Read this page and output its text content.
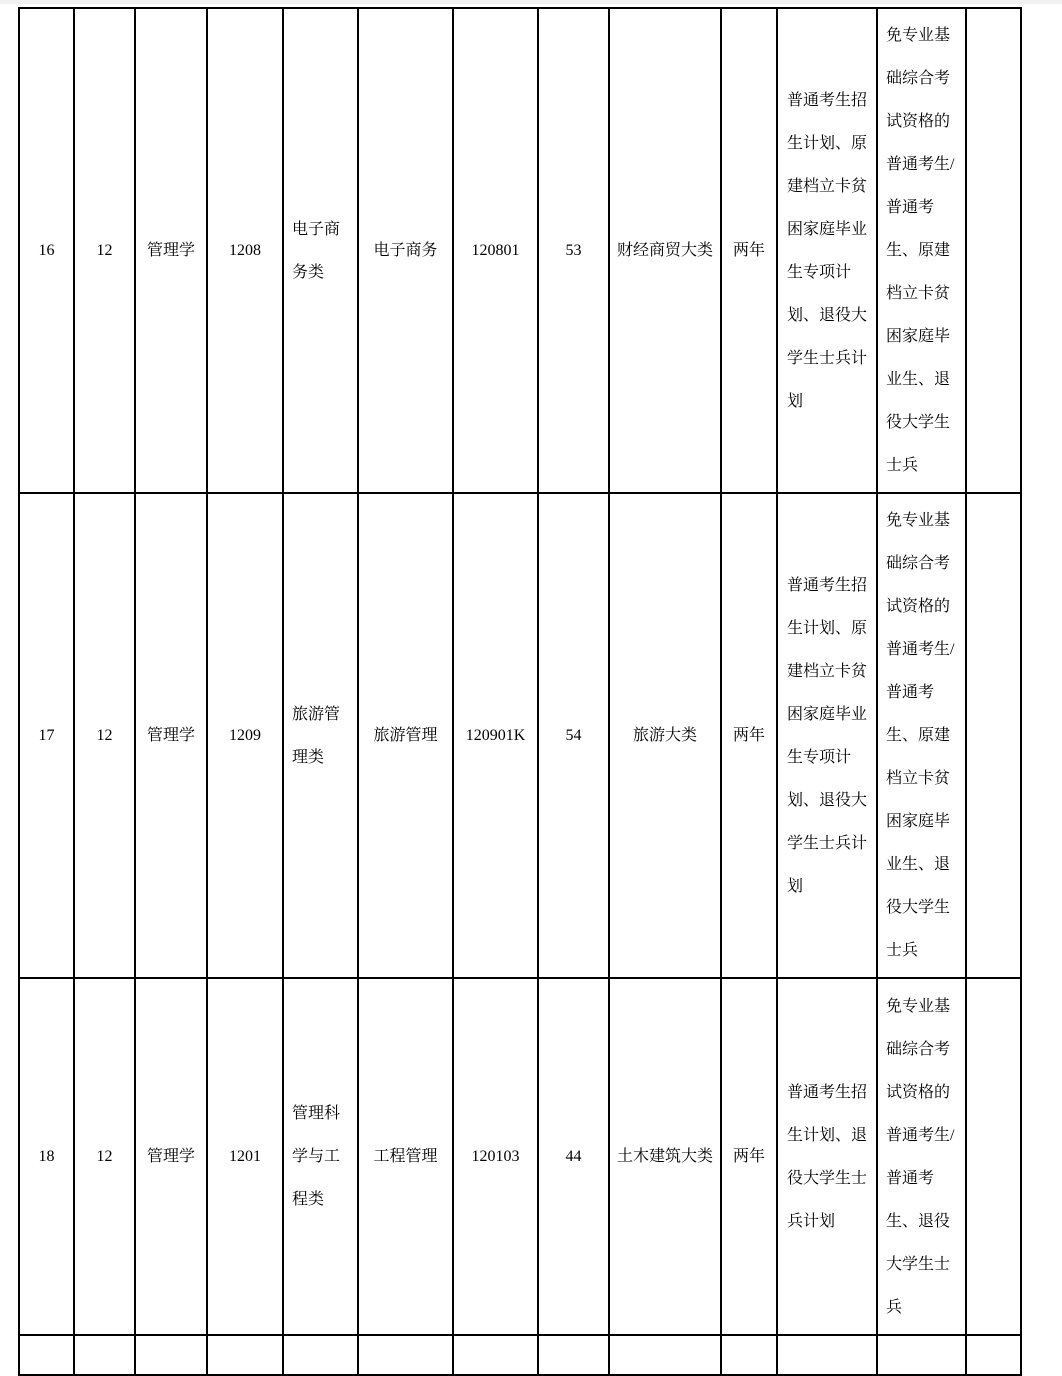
16	12	管理学	1208	电子商务类	电子商务	120801	53	财经商贸大类	两年	普通考生招生计划、原建档立卡贫困家庭毕业生专项计划、退役大学生士兵计划	免专业基础综合考试资格的普通考生/普通考生、原建档立卡贫困家庭毕业生、退役大学生士兵	
17	12	管理学	1209	旅游管理类	旅游管理	120901K	54	旅游大类	两年	普通考生招生计划、原建档立卡贫困家庭毕业生专项计划、退役大学生士兵计划	免专业基础综合考试资格的普通考生/普通考生、原建档立卡贫困家庭毕业生、退役大学生士兵	
18	12	管理学	1201	管理科学与工程类	工程管理	120103	44	土木建筑大类	两年	普通考生招生计划、退役大学生士兵计划	免专业基础综合考试资格的普通考生/普通考生、退役大学生士兵	
